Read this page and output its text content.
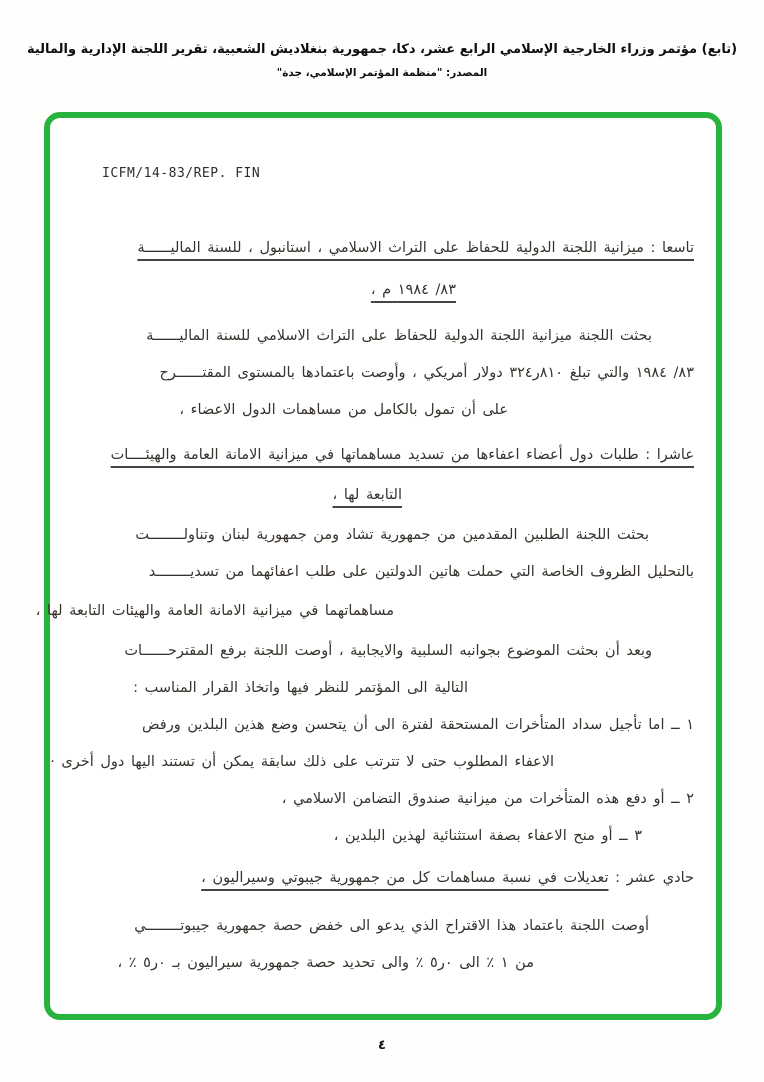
(تابع) مؤتمر وزراء الخارجية الإسلامي الرابع عشر، دكا، جمهورية بنغلاديش الشعبية، تقرير اللجنة الإدارية والمالية
المصدر: "منظمة المؤتمر الإسلامي، جدة"
ICFM/14-83/REP. FIN
تاسعا : ميزانية اللجنة الدولية للحفاظ على التراث الاسلامي ، استانبول ، للسنة الماليــــــة
٨٣/ ١٩٨٤ م ،
بحثت اللجنة ميزانية اللجنة الدولية للحفاظ على التراث الاسلامي للسنة الماليــــــة
٨٣/ ١٩٨٤ والتي تبلغ ٨١٠ر٣٢٤ دولار أمريكي ، وأوصت باعتمادها بالمستوى المقتــــــرح
على أن تمول بالكامل من مساهمات الدول الاعضاء ،
عاشرا : طلبات دول أعضاء اعفاءها من تسديد مساهماتها في ميزانية الامانة العامة والهيئــــات
التابعة لها ،
بحثت اللجنة الطلبين المقدمين من جمهورية تشاد ومن جمهورية لبنان وتناولــــــــت
بالتحليل الظروف الخاصة التي حملت هاتين الدولتين على طلب اعفائهما من تسديــــــــد
مساهماتهما في ميزانية الامانة العامة والهيئات التابعة لها ،
وبعد أن بحثت الموضوع بجوانبه السلبية والايجابية ، أوصت اللجنة برفع المقترحــــــات
التالية الى المؤتمر للنظر فيها واتخاذ القرار المناسب :
١ ــ اما تأجيل سداد المتأخرات المستحقة لفترة الى أن يتحسن وضع هذين البلدين ورفض
الاعفاء المطلوب حتى لا تترتب على ذلك سابقة يمكن أن تستند اليها دول أخرى ·
٢ ــ أو دفع هذه المتأخرات من ميزانية صندوق التضامن الاسلامي ،
٣ ــ أو منح الاعفاء بصفة استثنائية لهذين البلدين ،
حادي عشر : تعديلات في نسبة مساهمات كل من جمهورية جيبوتي وسيراليون ،
أوصت اللجنة باعتماد هذا الاقتراح الذي يدعو الى خفض حصة جمهورية جيبوتــــــــي
من ١ ٪ الى ٠ر٥ ٪ والى تحديد حصة جمهورية سيراليون بـ ٠ر٥ ٪ ،
٤
